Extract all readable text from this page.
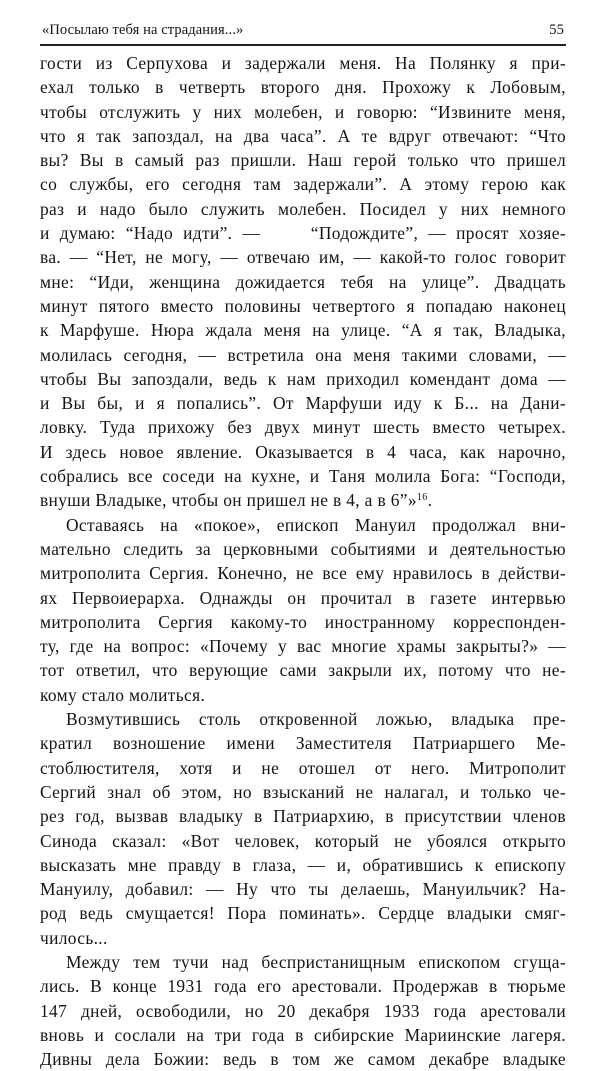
«Посылаю тебя на страдания...»	55
гости из Серпухова и задержали меня. На Полянку я при-
ехал только в четверть второго дня. Прохожу к Лобовым,
чтобы отслужить у них молебен, и говорю: “Извините меня,
что я так запоздал, на два часа”. А те вдруг отвечают: “Что
вы? Вы в самый раз пришли. Наш герой только что пришел
со службы, его сегодня там задержали”. А этому герою как
раз и надо было служить молебен. Посидел у них немного
и думаю: “Надо идти”. —     “Подождите”, — просят хозяе-
ва. — “Нет, не могу, — отвечаю им, — какой-то голос говорит
мне: “Иди, женщина дожидается тебя на улице”. Двадцать
минут пятого вместо половины четвертого я попадаю наконец
к Марфуше. Нюра ждала меня на улице. “А я так, Владыка,
молилась сегодня, — встретила она меня такими словами, —
чтобы Вы запоздали, ведь к нам приходил комендант дома —
и Вы бы, и я попались”. От Марфуши иду к Б... на Дани-
ловку. Туда прихожу без двух минут шесть вместо четырех.
И здесь новое явление. Оказывается в 4 часа, как нарочно,
собрались все соседи на кухне, и Таня молила Бога: “Господи,
внуши Владыке, чтобы он пришел не в 4, а в 6”»$^{16}$.
Оставаясь на «покое», епископ Мануил продолжал вни-
мательно следить за церковными событиями и деятельностью
митрополита Сергия. Конечно, не все ему нравилось в действи-
ях Первоиерарха. Однажды он прочитал в газете интервью
митрополита Сергия какому-то иностранному корреспонден-
ту, где на вопрос: «Почему у вас многие храмы закрыты?» —
тот ответил, что верующие сами закрыли их, потому что не-
кому стало молиться.
Возмутившись столь откровенной ложью, владыка пре-
кратил возношение имени Заместителя Патриаршего Ме-
стоблюстителя, хотя и не отошел от него. Митрополит
Сергий знал об этом, но взысканий не налагал, и только че-
рез год, вызвав владыку в Патриархию, в присутствии членов
Синода сказал: «Вот человек, который не убоялся открыто
высказать мне правду в глаза, — и, обратившись к епископу
Мануилу, добавил: — Ну что ты делаешь, Мануильчик? На-
род ведь смущается! Пора поминать». Сердце владыки смяг-
чилось...
Между тем тучи над беспристанищным епископом сгуща-
лись. В конце 1931 года его арестовали. Продержав в тюрьме
147 дней, освободили, но 20 декабря 1933 года арестовали
вновь и сослали на три года в сибирские Мариинские лагеря.
Дивны дела Божии: ведь в том же самом декабре владыке
